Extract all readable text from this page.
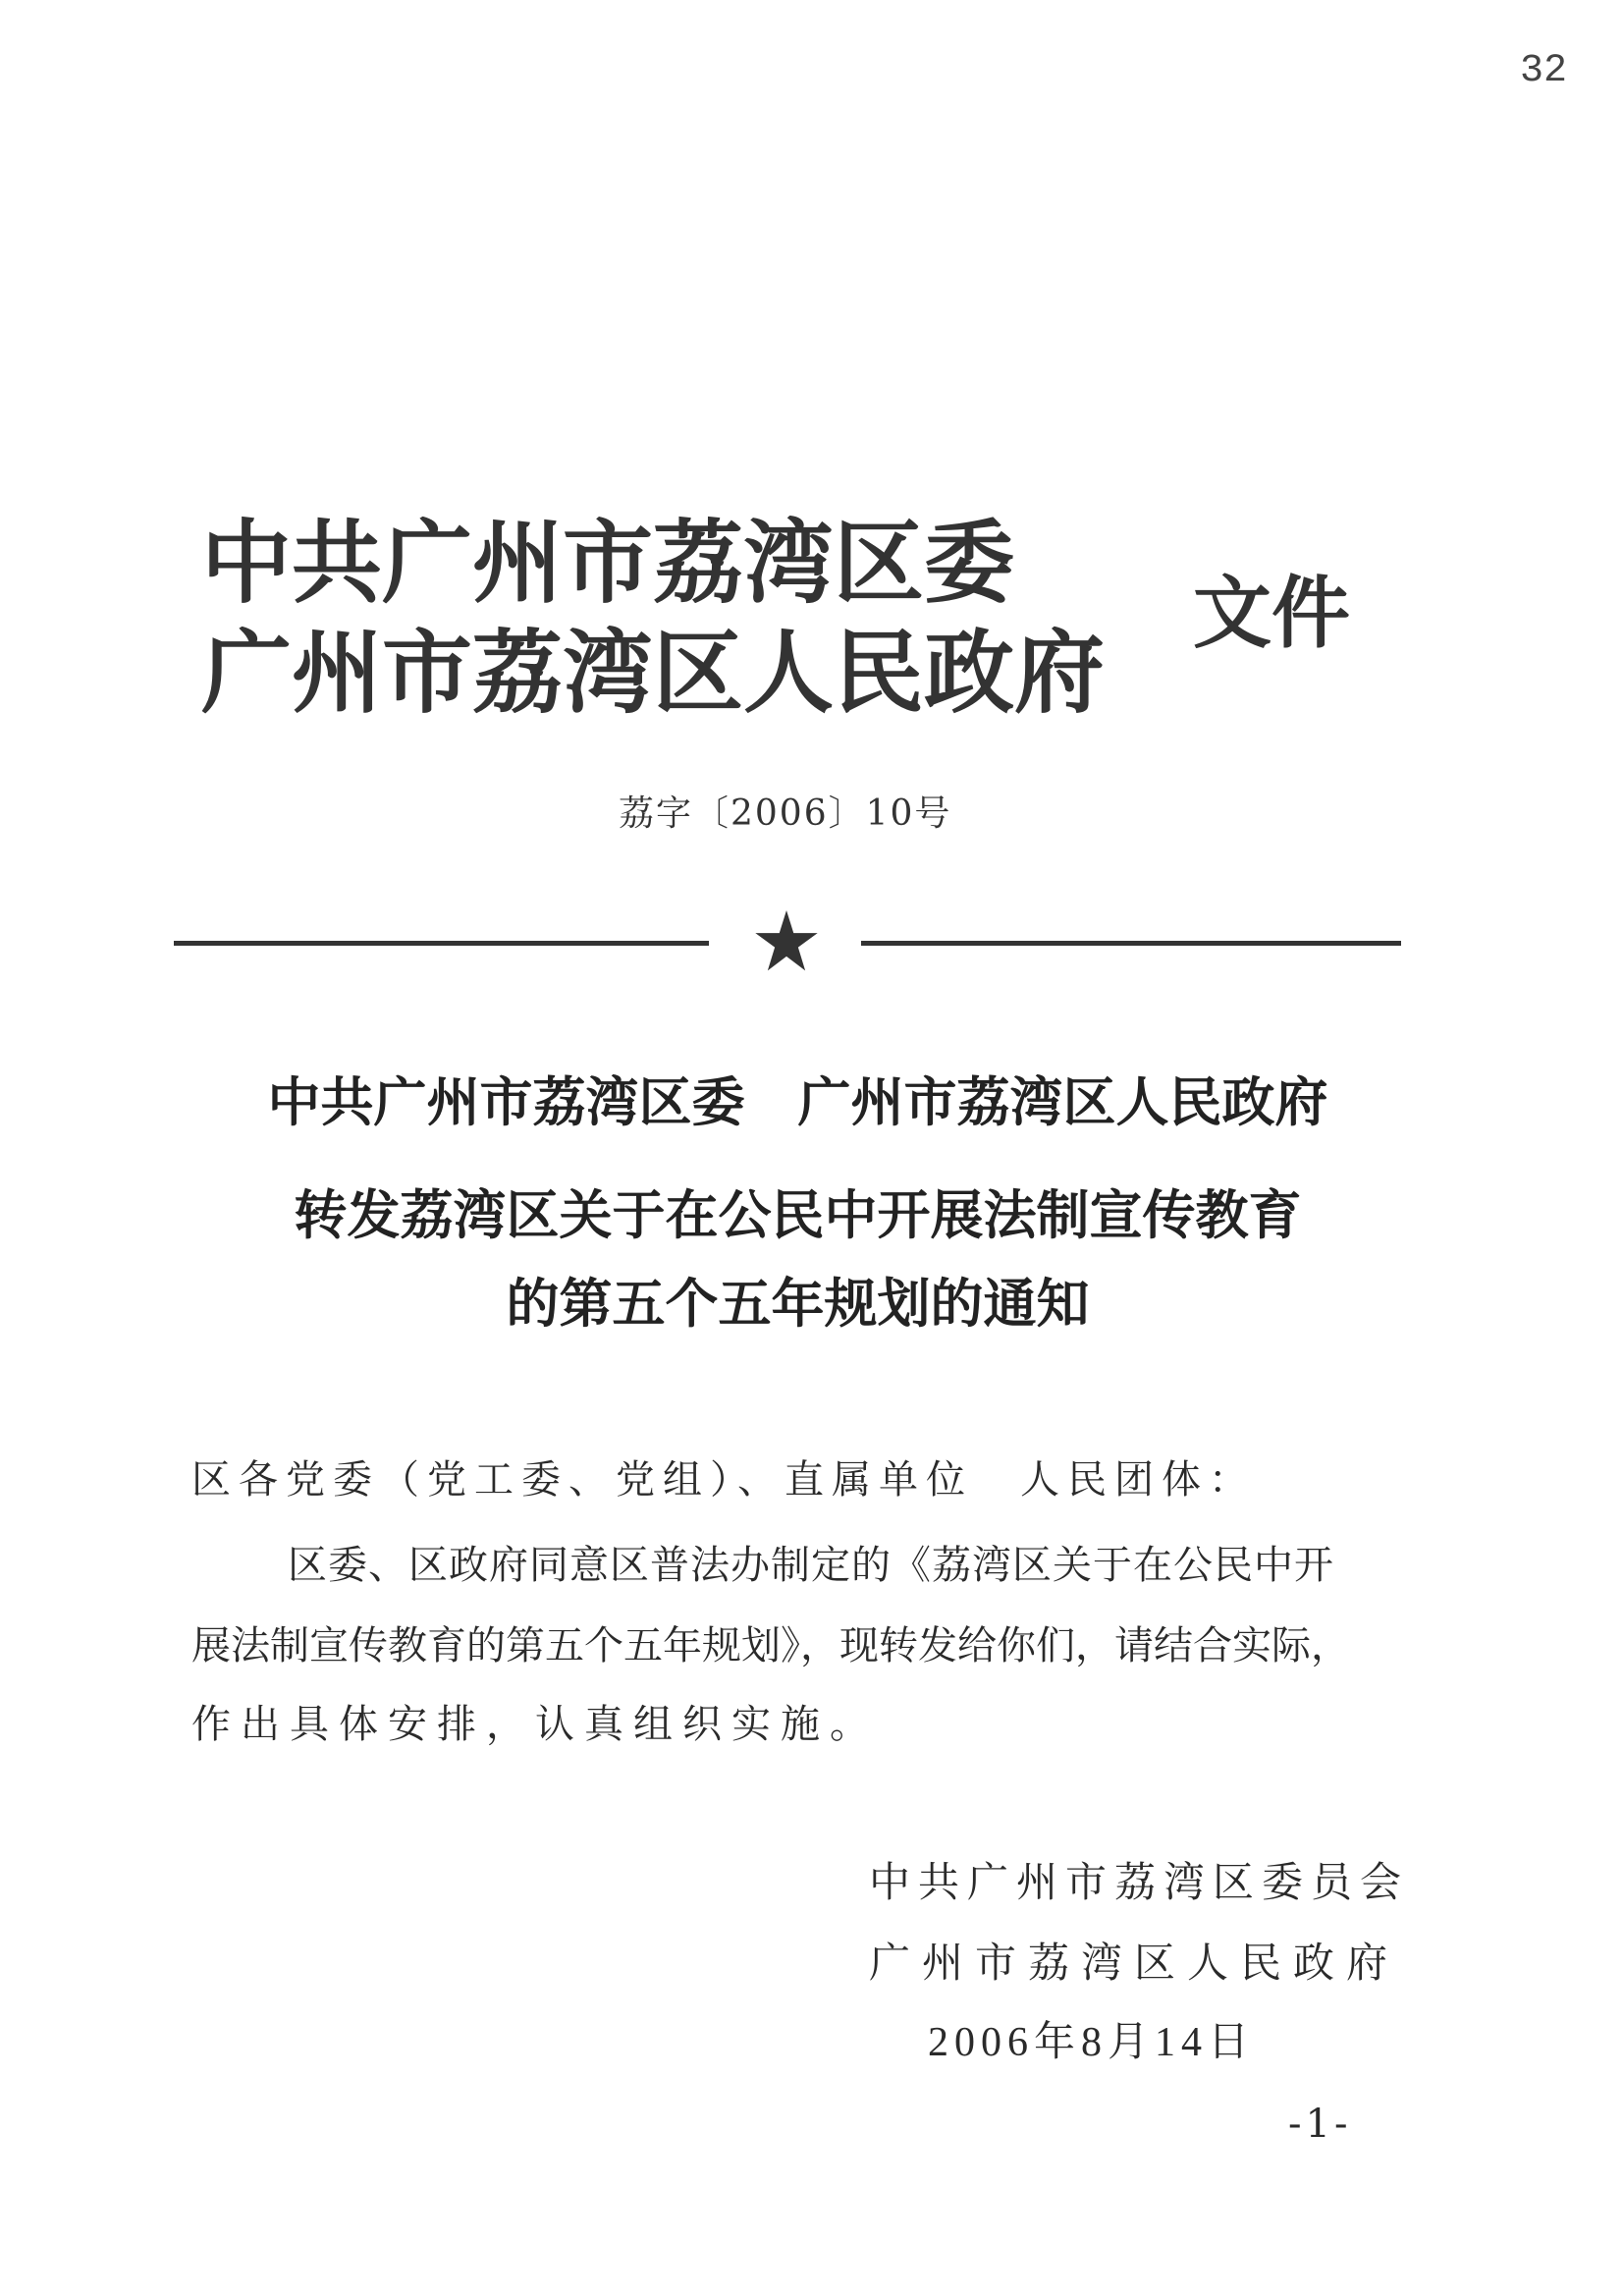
32
中共广州市荔湾区委
广州市荔湾区人民政府
文件
荔字〔2006〕10号
中共广州市荔湾区委　广州市荔湾区人民政府
转发荔湾区关于在公民中开展法制宣传教育
的第五个五年规划的通知
区各党委（党工委、党组）、直属单位　人民团体：
区委、区政府同意区普法办制定的《荔湾区关于在公民中开
展法制宣传教育的第五个五年规划》，现转发给你们，请结合实际，
作出具体安排，认真组织实施。
中共广州市荔湾区委员会
广州市荔湾区人民政府
2006年8月14日
-1-
